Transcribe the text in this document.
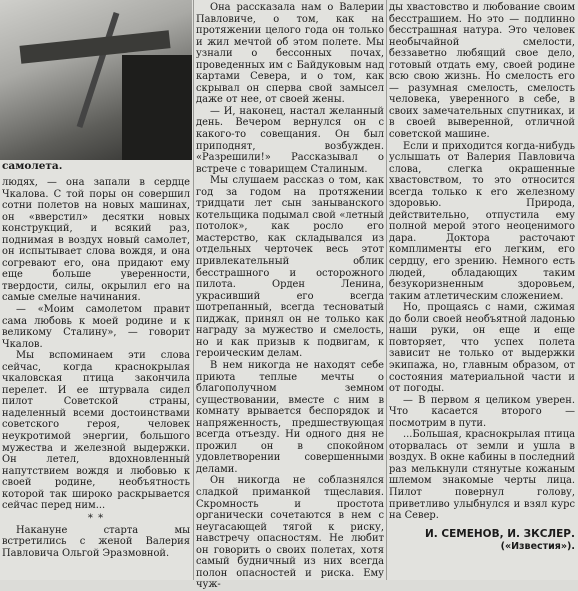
самолета.

людях, — она запали в сердце Чкалова. С той поры он совершил сотни полетов на новых машинах, он «вверстил» десятки новых конструкций, и всякий раз, поднимая в воздух новый самолет, он испытывает слова вождя, и она согревают его, она придают ему еще больше уверенности, твердости, силы, окрылил его на самые смелые начинания.

— «Моим самолетом правит сама любовь к моей родине и к великому Сталину», — говорит Чкалов.

Мы вспоминаем эти слова сейчас, когда краснокрылая чкаловская птица закончила перелет. И ее штурвала сидел пилот Советской страны, наделенный всеми достоинствами советского героя, человек неукротимой энергии, большого мужества и железной выдержки. Он летел, вдохновленный напутствием вождя и любовью к своей родине, необъятность которой так широко раскрывается сейчас перед ним...

* *

Накануне старта мы встретились с женой Валерия Павловича Ольгой Эразмовной.

Она рассказала нам о Валерии Павловиче, о том, как на протяжении целого года он только и жил мечтой об этом полете. Мы узнали о бессонных почах, проведенных им с Байдуковым над картами Севера, и о том, как скрывал он сперва свой замысел даже от нее, от своей жены.

— И, наконец, настал желанный день. Вечером вернулся он с какого-то совещания. Он был приподнят, возбужден. «Разрешили!» Рассказывал о встрече с товарищем Сталиным.

Мы слушаем рассказ о том, как год за годом на протяжении тридцати лет сын заныванского котельщика подымал свой «летный потолок», как росло его мастерство, как складывался из отдельных черточек весь этот привлекательный облик бесстрашного и осторожного пилота. Орден Ленина, украсивший его всегда шотрепанный, всегда тесноватый пиджак, принял он не только как награду за мужество и смелость, но и как призыв к подвигам, к героическим делам.

В нем никогда не находят себе приюта теплые мечты о благополучном земном существовании, вместе с ним в комнату врывается беспорядок и напряженность, предшествующая всегда отъезду. Ни одного дня не прожил он в спокойном удовлетворении совершенными делами.

Он никогда не соблазнялся сладкой приманкой тщеславия. Скромность и простота органически сочетаются в нем с неугасающей тягой к риску, навстречу опасностям. Не любит он говорить о своих полетах, хотя самый будничный из них всегда полон опасностей и риска. Ему чуж-

ды хвастовство и любование своим бесстрашием. Но это — подлинно бесстрашная натура. Это человек необычайной смелости, беззаветно любящий свое дело, готовый отдать ему, своей родине всю свою жизнь. Но смелость его — разумная смелость, смелость человека, уверенного в себе, в своих замечательных спутниках, и в своей выверенной, отличной советской машине.

Если и приходится когда-нибудь услышать от Валерия Павловича слова, слегка окрашенные хвастовством, то это относится всегда только к его железному здоровью. Природа, действительно, отпустила ему полной мерой этого неоценимого дара. Доктора расточают комплименты его легким, его сердцу, его зрению. Немного есть людей, обладающих таким безукоризненным здоровьем, таким атлетическим сложением.

Но, прощаясь с нами, сжимая до боли своей необъятной ладонью наши руки, он еще и еще повторяет, что успех полета зависит не только от выдержки экипажа, но, главным образом, от состояния материальной части и от погоды.

— В первом я целиком уверен. Что касается второго — посмотрим в пути.

...Большая, краснокрылая птица оторвалась от земли и ушла в воздух. В окне кабины в последний раз мелькнули стянутые кожаным шлемом знакомые черты лица. Пилот повернул голову, приветливо улыбнулся и взял курс на Север.

И. СЕМЕНОВ, И. ЗКСЛЕР.
(«Известия»).
